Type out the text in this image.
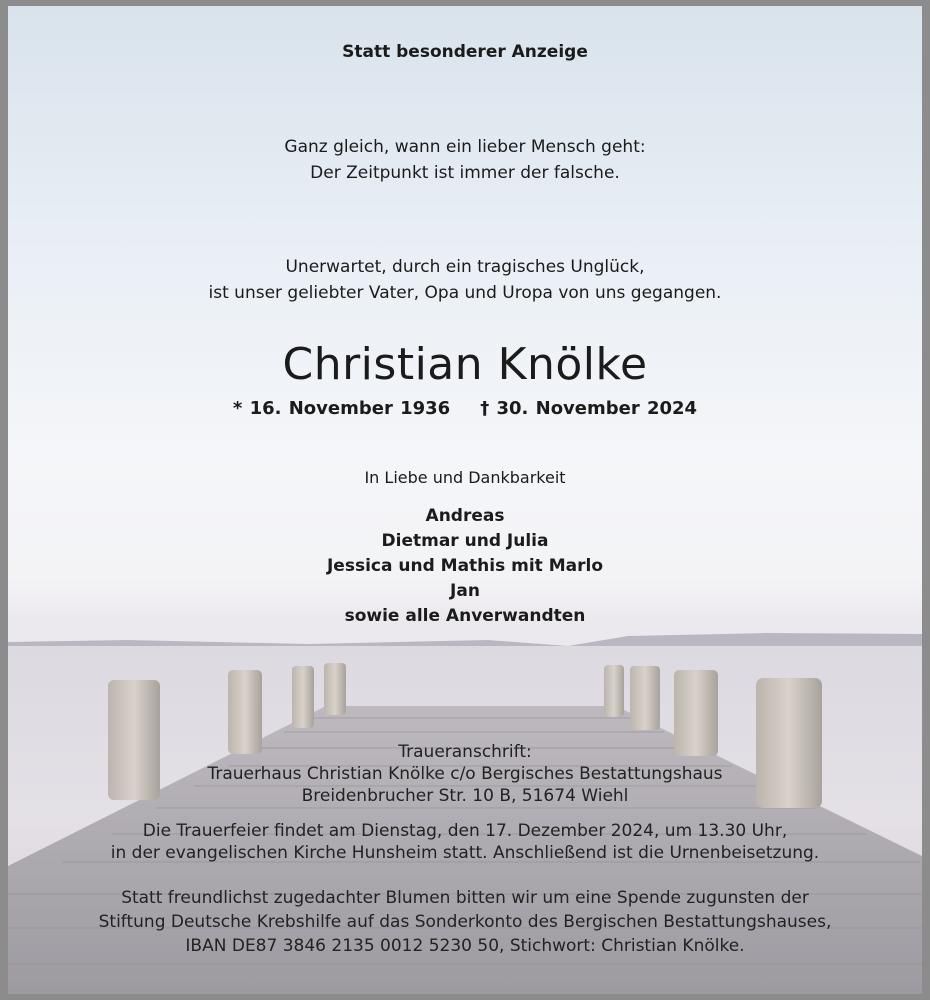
Statt besonderer Anzeige

Ganz gleich, wann ein lieber Mensch geht:
Der Zeitpunkt ist immer der falsche.

Unerwartet, durch ein tragisches Unglück,
ist unser geliebter Vater, Opa und Uropa von uns gegangen.

Christian Knölke

* 16. November 1936 † 30. November 2024

In Liebe und Dankbarkeit

Andreas
Dietmar und Julia
Jessica und Mathis mit Marlo
Jan
sowie alle Anverwandten

Traueranschrift:
Trauerhaus Christian Knölke c/o Bergisches Bestattungshaus
Breidenbrucher Str. 10 B, 51674 Wiehl

Die Trauerfeier findet am Dienstag, den 17. Dezember 2024, um 13.30 Uhr,
in der evangelischen Kirche Hunsheim statt. Anschließend ist die Urnenbeisetzung.

Statt freundlichst zugedachter Blumen bitten wir um eine Spende zugunsten der
Stiftung Deutsche Krebshilfe auf das Sonderkonto des Bergischen Bestattungshauses,
IBAN DE87 3846 2135 0012 5230 50, Stichwort: Christian Knölke.
